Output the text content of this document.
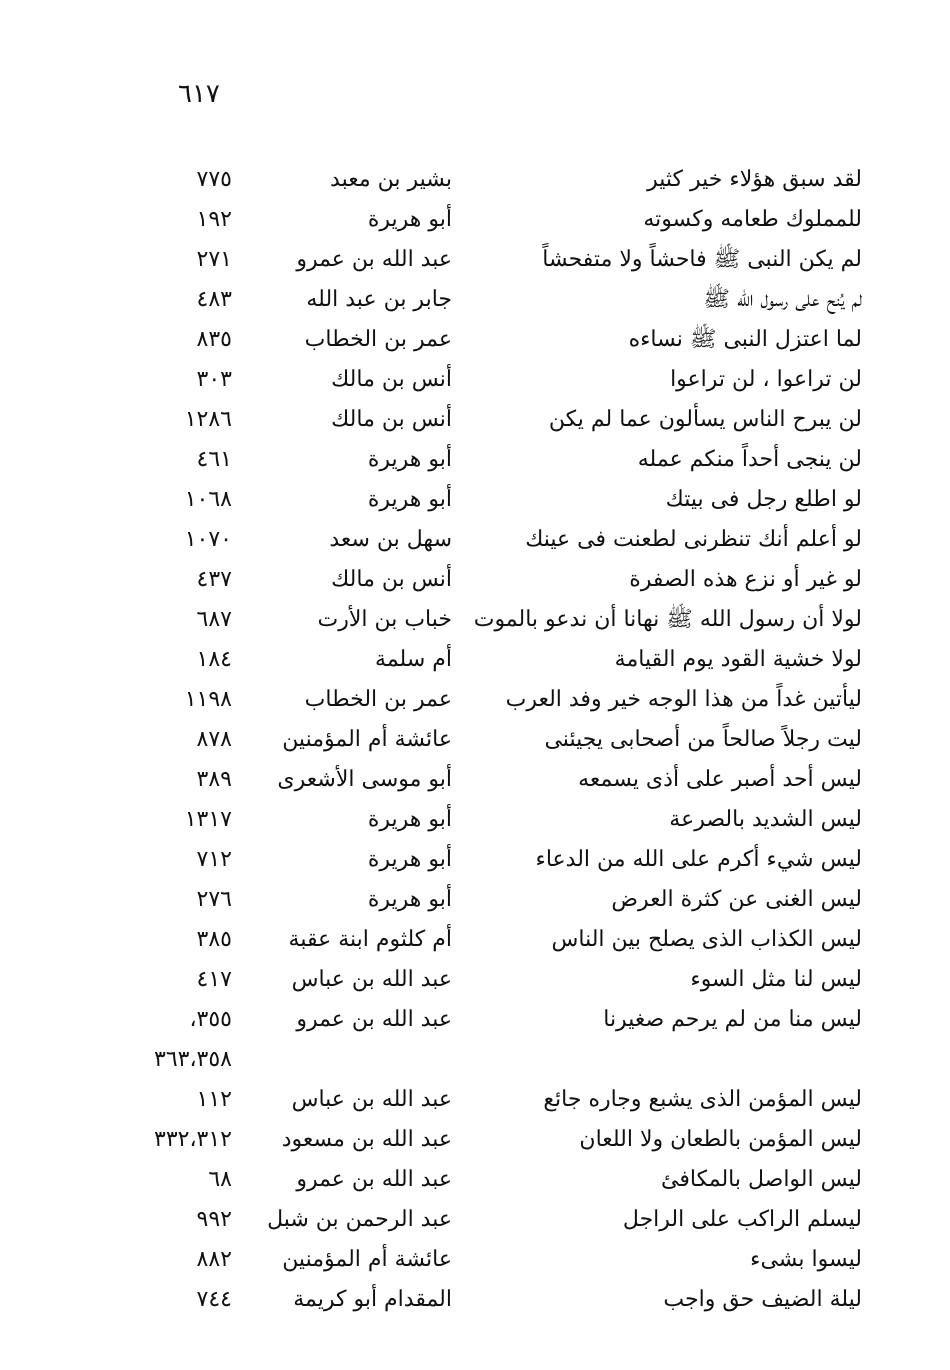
٦١٧
لقد سبق هؤلاء خير كثير
بشير بن معبد
٧٧٥
للمملوك طعامه وكسوته
أبو هريرة
١٩٢
لم يكن النبى ﷺ فاحشاً ولا متفحشاً
عبد الله بن عمرو
٢٧١
لم يُنح على رسول الله ﷺ
جابر بن عبد الله
٤٨٣
لما اعتزل النبى ﷺ نساءه
عمر بن الخطاب
٨٣٥
لن تراعوا ، لن تراعوا
أنس بن مالك
٣٠٣
لن يبرح الناس يسألون عما لم يكن
أنس بن مالك
١٢٨٦
لن ينجى أحداً منكم عمله
أبو هريرة
٤٦١
لو اطلع رجل فى بيتك
أبو هريرة
١٠٦٨
لو أعلم أنك تنظرنى لطعنت فى عينك
سهل بن سعد
١٠٧٠
لو غير أو نزع هذه الصفرة
أنس بن مالك
٤٣٧
لولا أن رسول الله ﷺ نهانا أن ندعو بالموت
خباب بن الأرت
٦٨٧
لولا خشية القود يوم القيامة
أم سلمة
١٨٤
ليأتين غداً من هذا الوجه خير وفد العرب
عمر بن الخطاب
١١٩٨
ليت رجلاً صالحاً من أصحابى يجيئنى
عائشة أم المؤمنين
٨٧٨
ليس أحد أصبر على أذى يسمعه
أبو موسى الأشعرى
٣٨٩
ليس الشديد بالصرعة
أبو هريرة
١٣١٧
ليس شيء أكرم على الله من الدعاء
أبو هريرة
٧١٢
ليس الغنى عن كثرة العرض
أبو هريرة
٢٧٦
ليس الكذاب الذى يصلح بين الناس
أم كلثوم ابنة عقبة
٣٨٥
ليس لنا مثل السوء
عبد الله بن عباس
٤١٧
ليس منا من لم يرحم صغيرنا
عبد الله بن عمرو
٣٥٥،
٣٦٣،٣٥٨
ليس المؤمن الذى يشبع وجاره جائع
عبد الله بن عباس
١١٢
ليس المؤمن بالطعان ولا اللعان
عبد الله بن مسعود
٣٣٢،٣١٢
ليس الواصل بالمكافئ
عبد الله بن عمرو
٦٨
ليسلم الراكب على الراجل
عبد الرحمن بن شبل
٩٩٢
ليسوا بشىء
عائشة أم المؤمنين
٨٨٢
ليلة الضيف حق واجب
المقدام أبو كريمة
٧٤٤
